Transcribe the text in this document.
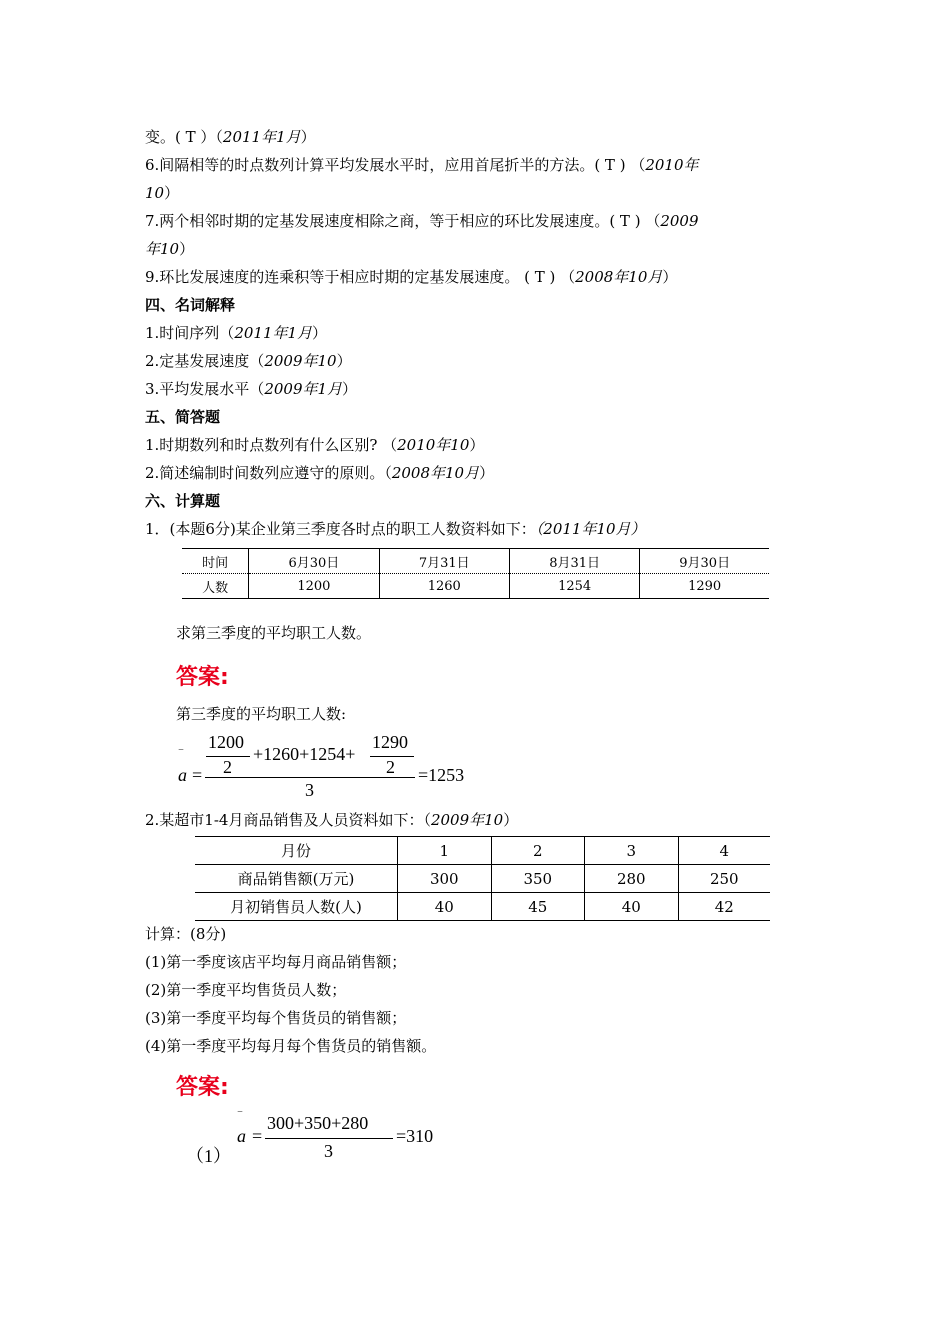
变。( T ）（2011年1月）
6.间隔相等的时点数列计算平均发展水平时，应用首尾折半的方法。( T ) （2010年
10）
7.两个相邻时期的定基发展速度相除之商，等于相应的环比发展速度。( T ) （2009
年10）
9.环比发展速度的连乘积等于相应时期的定基发展速度。 ( T ) （2008年10月）
四、名词解释
1.时间序列（2011年1月）
2.定基发展速度（2009年10）
3.平均发展水平（2009年1月）
五、简答题
1.时期数列和时点数列有什么区别? （2010年10）
2.简述编制时间数列应遵守的原则。（2008年10月）
六、计算题
1．(本题6分)某企业第三季度各时点的职工人数资料如下：（2011年10月）
时间	6月30日	7月31日	8月31日	9月30日
人数	1200	1260	1254	1290
求第三季度的平均职工人数。
答案:
第三季度的平均职工人数:
1200
2
+1260+1254+
1290
2
a
‾
=
3
=1253
2.某超市1-4月商品销售及人员资料如下：（2009年10）
月份	1	2	3	4
商品销售额(万元)	300	350	280	250
月初销售员人数(人)	40	45	40	42
计算：(8分)
(1)第一季度该店平均每月商品销售额；
(2)第一季度平均售货员人数；
(3)第一季度平均每个售货员的销售额；
(4)第一季度平均每月每个售货员的销售额。
答案:
（1）
a
‾
=
300+350+280
3
=310
